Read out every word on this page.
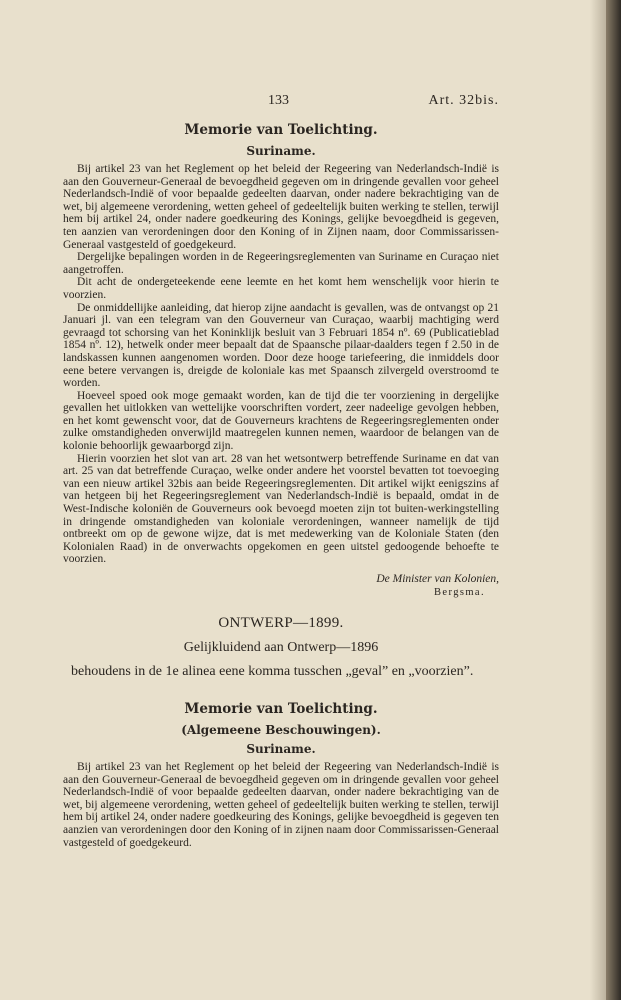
133	Art. 32bis.
Memorie van Toelichting.
Suriname.

Bij artikel 23 van het Reglement op het beleid der Regeering van Nederlandsch-Indië is aan den Gouverneur-Generaal de bevoegdheid gegeven om in dringende gevallen voor geheel Nederlandsch-Indië of voor bepaalde gedeelten daarvan, onder nadere bekrachtiging van de wet, bij algemeene verordening, wetten geheel of gedeeltelijk buiten werking te stellen, terwijl hem bij artikel 24, onder nadere goedkeuring des Konings, gelijke bevoegdheid is gegeven, ten aanzien van verordeningen door den Koning of in Zijnen naam, door Commissarissen-Generaal vastgesteld of goedgekeurd.

Dergelijke bepalingen worden in de Regeeringsreglementen van Suriname en Curaçao niet aangetroffen.

Dit acht de ondergeteekende eene leemte en het komt hem wenschelijk voor hierin te voorzien.

De onmiddellijke aanleiding, dat hierop zijne aandacht is gevallen, was de ontvangst op 21 Januari jl. van een telegram van den Gouverneur van Curaçao, waarbij machtiging werd gevraagd tot schorsing van het Koninklijk besluit van 3 Februari 1854 nº. 69 (Publicatieblad 1854 nº. 12), hetwelk onder meer bepaalt dat de Spaansche pilaar-daalders tegen f 2.50 in de landskassen kunnen aangenomen worden. Door deze hooge tariefeering, die inmiddels door eene betere vervangen is, dreigde de koloniale kas met Spaansch zilvergeld overstroomd te worden.

Hoeveel spoed ook moge gemaakt worden, kan de tijd die ter voorziening in dergelijke gevallen het uitlokken van wettelijke voorschriften vordert, zeer nadeelige gevolgen hebben, en het komt gewenscht voor, dat de Gouverneurs krachtens de Regeeringsreglementen onder zulke omstandigheden onverwijld maatregelen kunnen nemen, waardoor de belangen van de kolonie behoorlijk gewaarborgd zijn.

Hierin voorzien het slot van art. 28 van het wetsontwerp betreffende Suriname en dat van art. 25 van dat betreffende Curaçao, welke onder andere het voorstel bevatten tot toevoeging van een nieuw artikel 32bis aan beide Regeeringsreglementen. Dit artikel wijkt eenigszins af van hetgeen bij het Regeeringsreglement van Nederlandsch-Indië is bepaald, omdat in de West-Indische koloniën de Gouverneurs ook bevoegd moeten zijn tot buiten-werkingstelling in dringende omstandigheden van koloniale verordeningen, wanneer namelijk de tijd ontbreekt om op de gewone wijze, dat is met medewerking van de Koloniale Staten (den Kolonialen Raad) in de onverwachts opgekomen en geen uitstel gedoogende behoefte te voorzien.

De Minister van Kolonien,
Bergsma.
ONTWERP—1899.
Gelijkluidend aan Ontwerp—1896
behoudens in de 1e alinea eene komma tusschen „geval” en „voorzien”.
Memorie van Toelichting.
(Algemeene Beschouwingen).
Suriname.

Bij artikel 23 van het Reglement op het beleid der Regeering van Nederlandsch-Indië is aan den Gouverneur-Generaal de bevoegdheid gegeven om in dringende gevallen voor geheel Nederlandsch-Indië of voor bepaalde gedeelten daarvan, onder nadere bekrachtiging van de wet, bij algemeene verordening, wetten geheel of gedeeltelijk buiten werking te stellen, terwijl hem bij artikel 24, onder nadere goedkeuring des Konings, gelijke bevoegdheid is gegeven ten aanzien van verordeningen door den Koning of in zijnen naam door Commissarissen-Generaal vastgesteld of goedgekeurd.
